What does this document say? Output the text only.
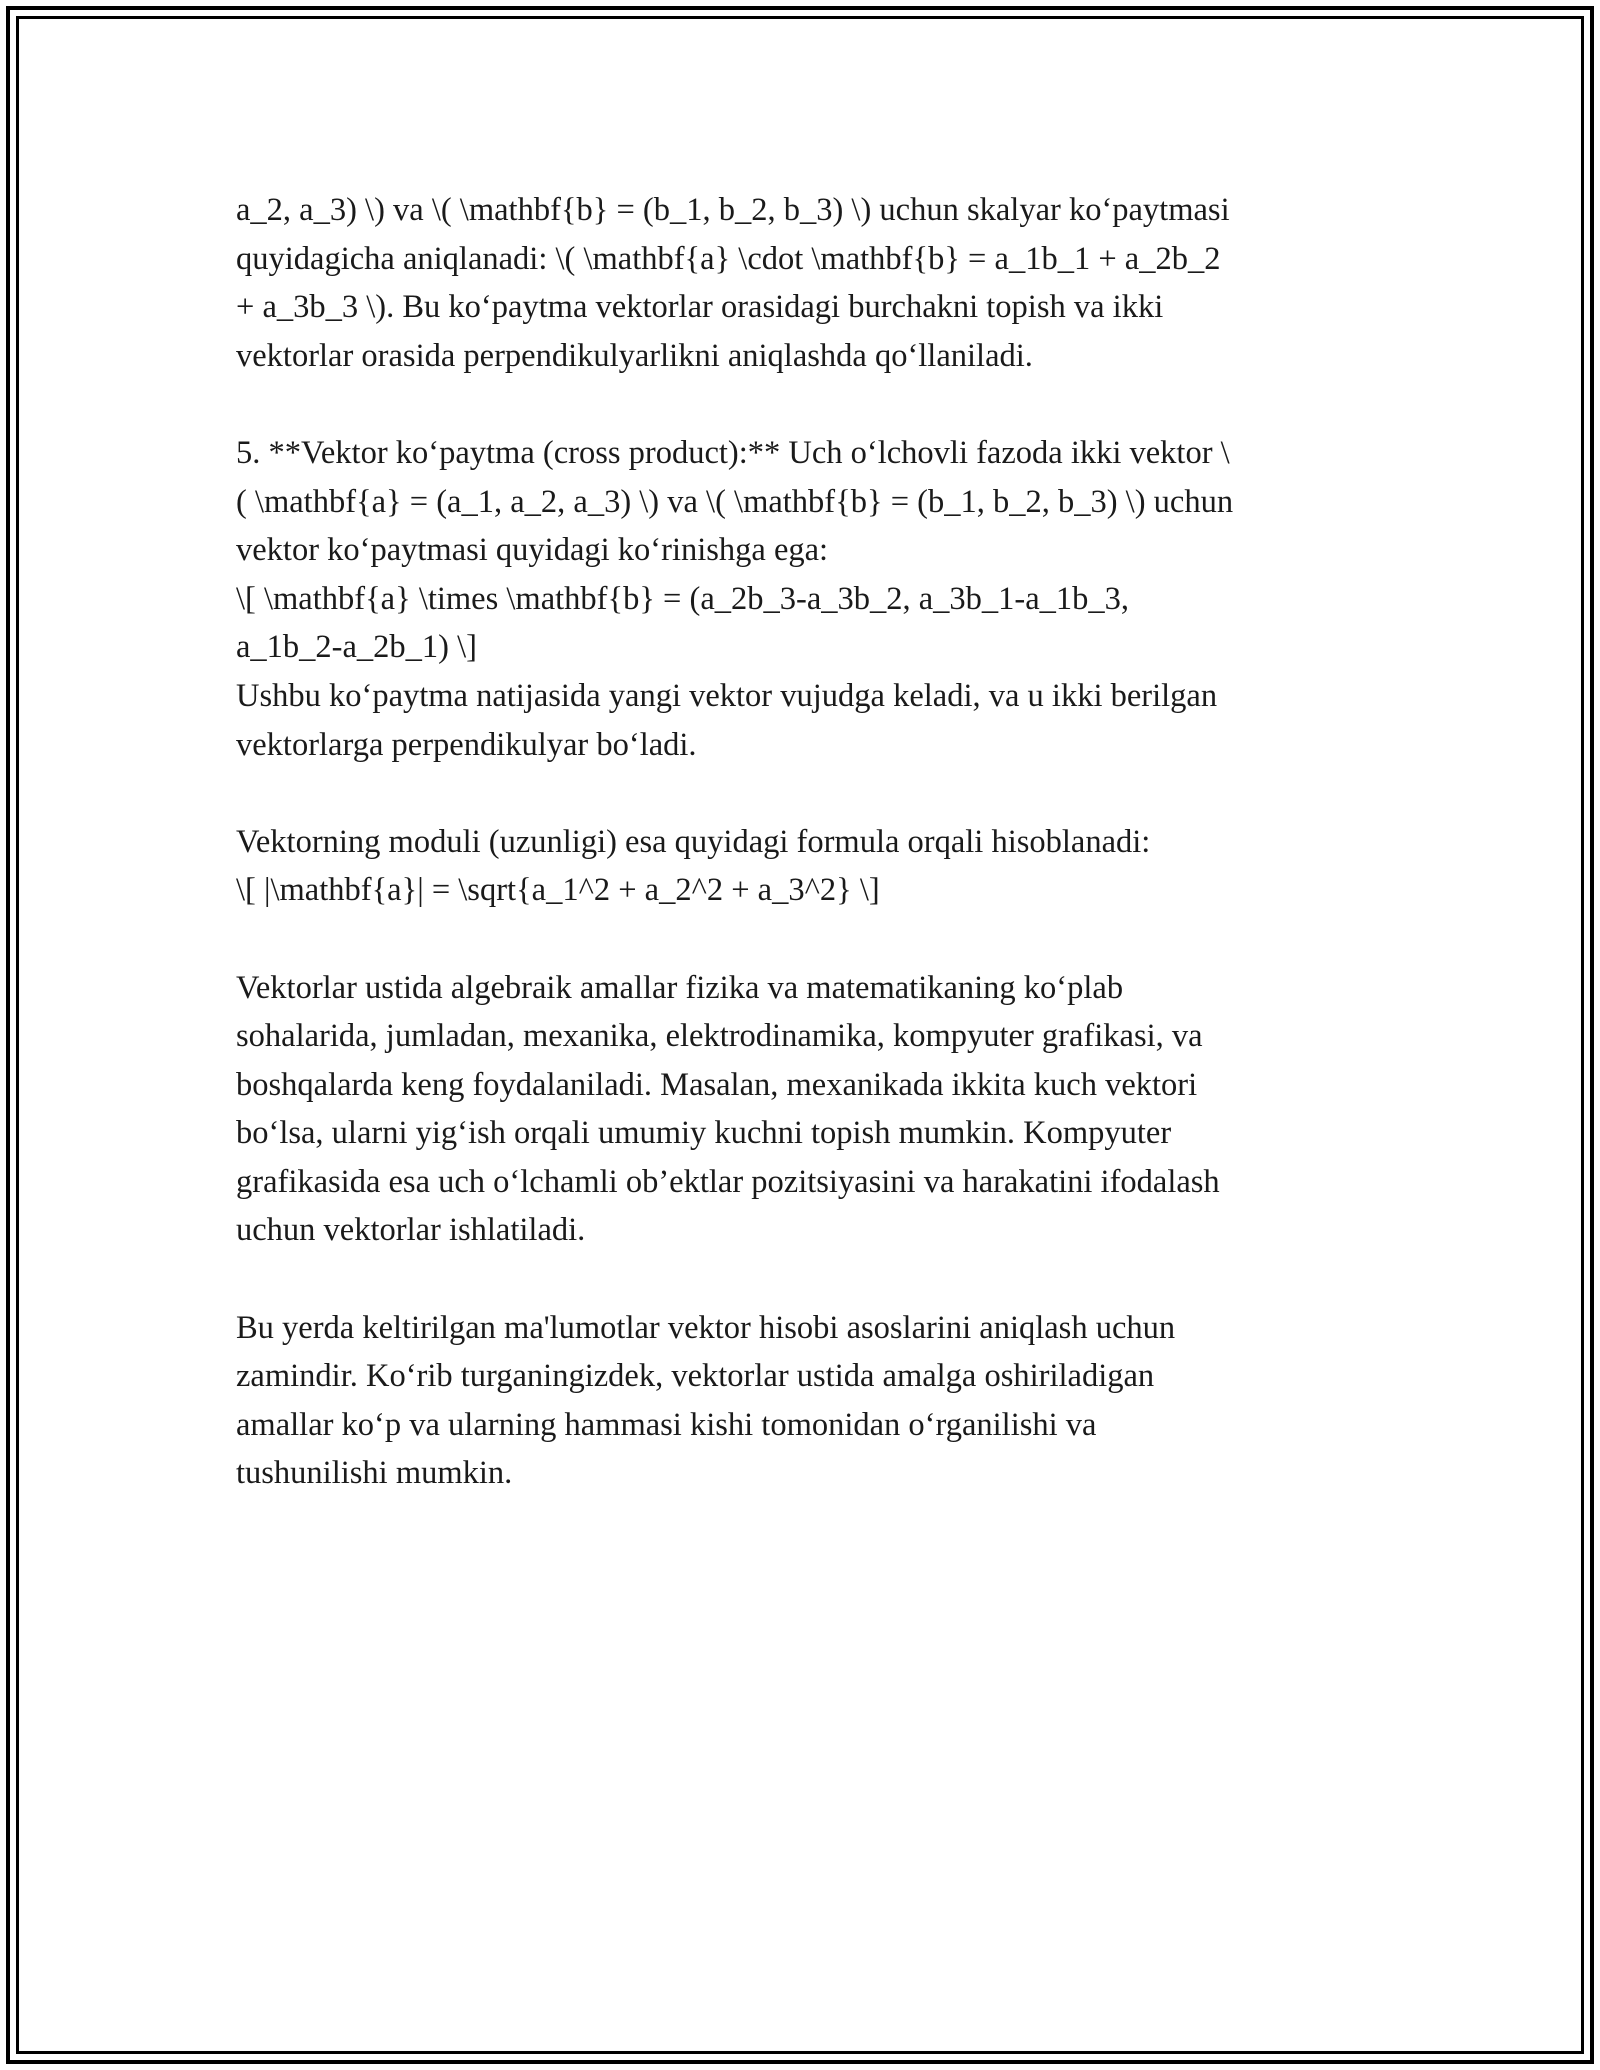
a_2, a_3) \) va \( \mathbf{b} = (b_1, b_2, b_3) \) uchun skalyar ko‘paytmasi
quyidagicha aniqlanadi: \( \mathbf{a} \cdot \mathbf{b} = a_1b_1 + a_2b_2
+ a_3b_3 \). Bu ko‘paytma vektorlar orasidagi burchakni topish va ikki
vektorlar orasida perpendikulyarlikni aniqlashda qo‘llaniladi.

5. **Vektor ko‘paytma (cross product):** Uch o‘lchovli fazoda ikki vektor \
( \mathbf{a} = (a_1, a_2, a_3) \) va \( \mathbf{b} = (b_1, b_2, b_3) \) uchun
vektor ko‘paytmasi quyidagi ko‘rinishga ega:
\[ \mathbf{a} \times \mathbf{b} = (a_2b_3-a_3b_2, a_3b_1-a_1b_3,
a_1b_2-a_2b_1) \]
Ushbu ko‘paytma natijasida yangi vektor vujudga keladi, va u ikki berilgan
vektorlarga perpendikulyar bo‘ladi.

Vektorning moduli (uzunligi) esa quyidagi formula orqali hisoblanadi:
\[ |\mathbf{a}| = \sqrt{a_1^2 + a_2^2 + a_3^2} \]

Vektorlar ustida algebraik amallar fizika va matematikaning ko‘plab
sohalarida, jumladan, mexanika, elektrodinamika, kompyuter grafikasi, va
boshqalarda keng foydalaniladi. Masalan, mexanikada ikkita kuch vektori
bo‘lsa, ularni yig‘ish orqali umumiy kuchni topish mumkin. Kompyuter
grafikasida esa uch o‘lchamli ob’ektlar pozitsiyasini va harakatini ifodalash
uchun vektorlar ishlatiladi.

Bu yerda keltirilgan ma'lumotlar vektor hisobi asoslarini aniqlash uchun
zamindir. Ko‘rib turganingizdek, vektorlar ustida amalga oshiriladigan
amallar ko‘p va ularning hammasi kishi tomonidan o‘rganilishi va
tushunilishi mumkin.
